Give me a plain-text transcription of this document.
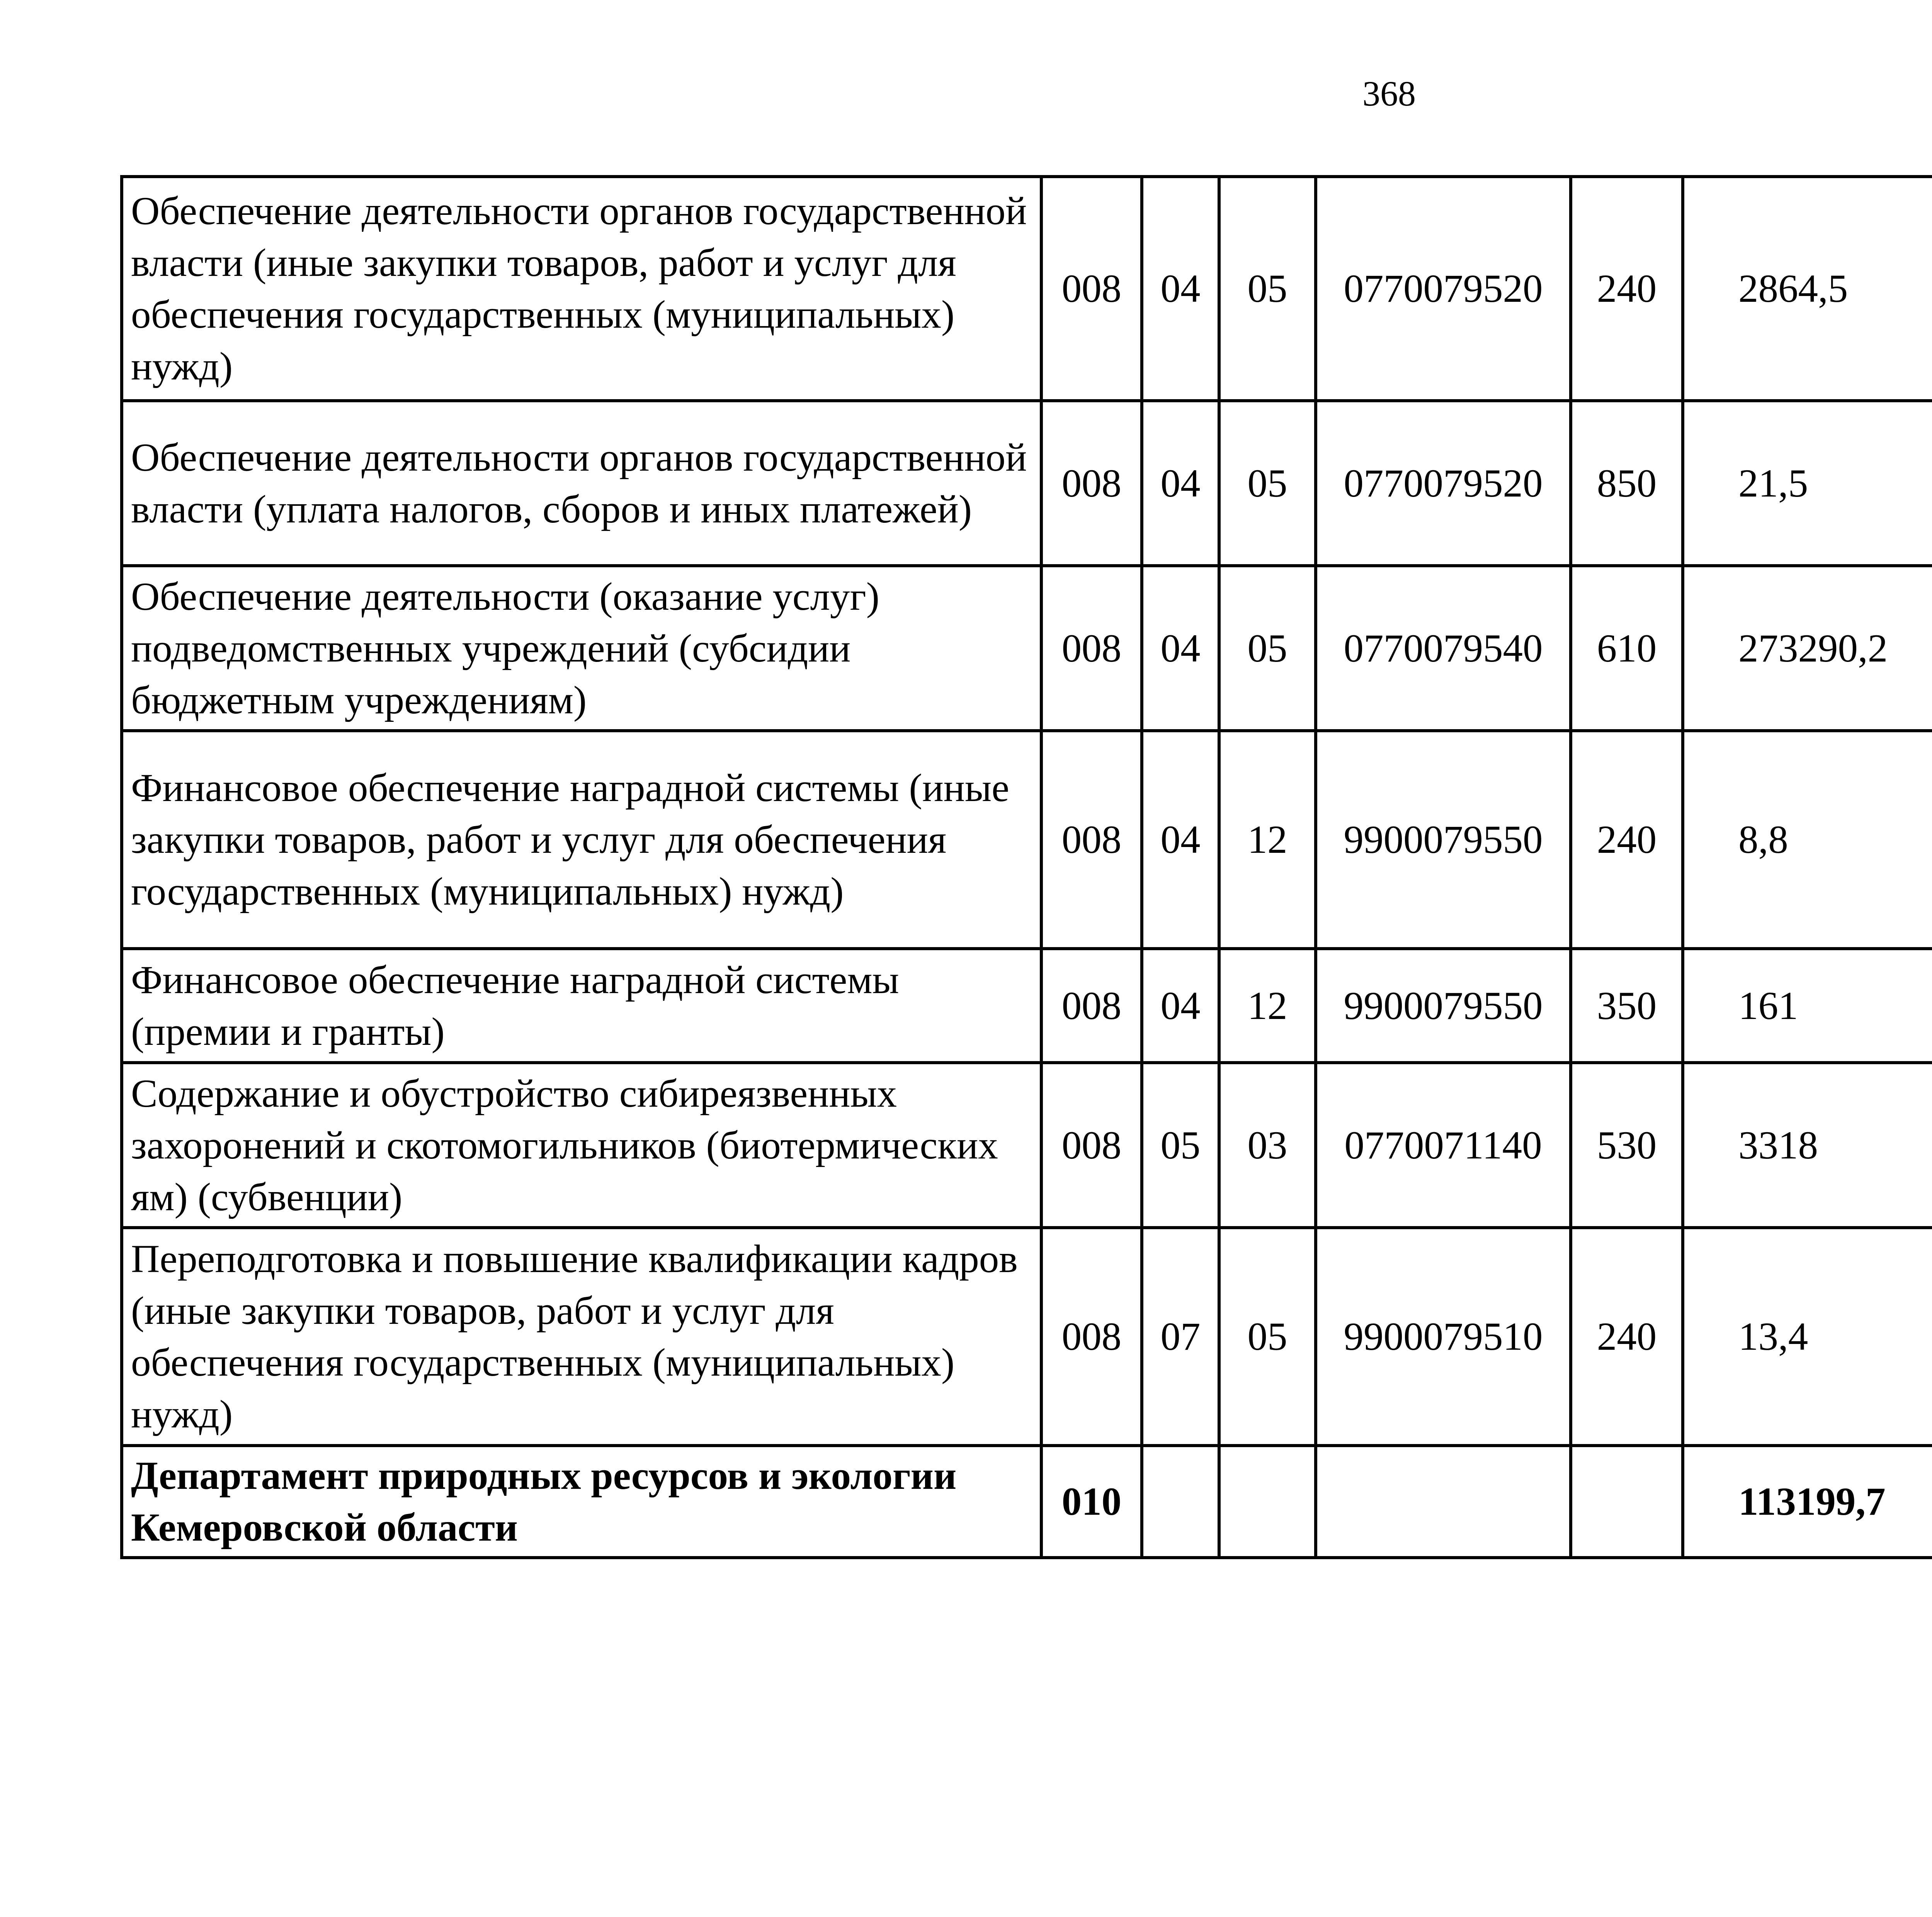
368
Обеспечение деятельности органов государственной власти (иные закупки товаров, работ и услуг для обеспечения государственных (муниципальных) нужд)	008	04	05	0770079520	240	2864,5		
Обеспечение деятельности органов государственной власти (уплата налогов, сборов и иных платежей)	008	04	05	0770079520	850	21,5		
Обеспечение деятельности (оказание услуг) подведомственных учреждений (субсидии бюджетным учреждениям)	008	04	05	0770079540	610	273290,2		
Финансовое обеспечение наградной системы (иные закупки товаров, работ и услуг для обеспечения государственных (муниципальных) нужд)	008	04	12	9900079550	240	8,8		
Финансовое обеспечение наградной системы (премии и гранты)	008	04	12	9900079550	350	161		
Содержание и обустройство сибиреязвенных захоронений и скотомогильников (биотермических ям) (субвенции)	008	05	03	0770071140	530	3318		
Переподготовка и повышение квалификации кадров (иные закупки товаров, работ и услуг для обеспечения государственных (муниципальных) нужд)	008	07	05	9900079510	240	13,4		
Департамент природных ресурсов и экологии Кемеровской области	010					113199,7		
